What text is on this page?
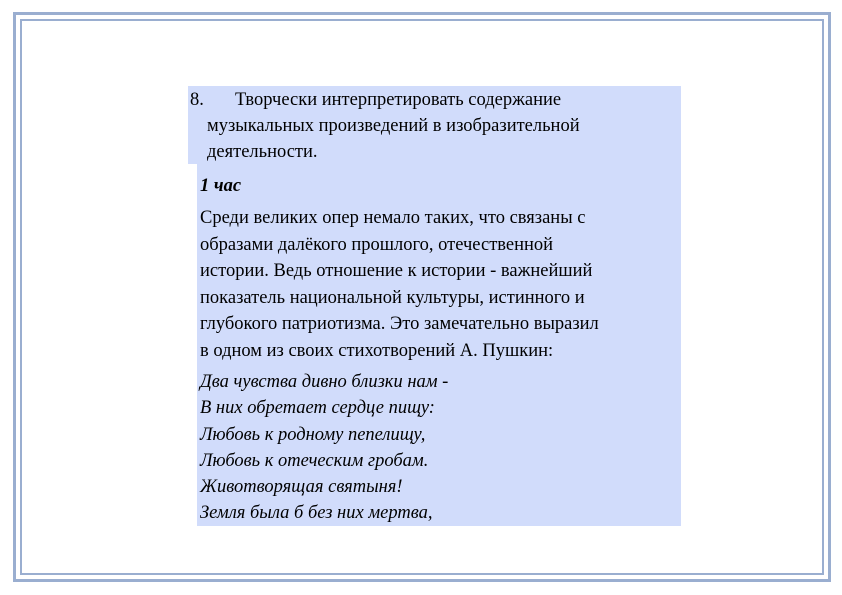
8. Творчески интерпретировать содержание
музыкальных произведений в изобразительной
деятельности.
1 час
Среди великих опер немало таких, что связаны с
образами далёкого прошлого, отечественной
истории. Ведь отношение к истории - важнейший
показатель национальной культуры, истинного и
глубокого патриотизма. Это замечательно выразил
в одном из своих стихотворений А. Пушкин:
Два чувства дивно близки нам -
В них обретает сердце пищу:
Любовь к родному пепелищу,
Любовь к отеческим гробам.
Животворящая святыня!
Земля была б без них мертва,
